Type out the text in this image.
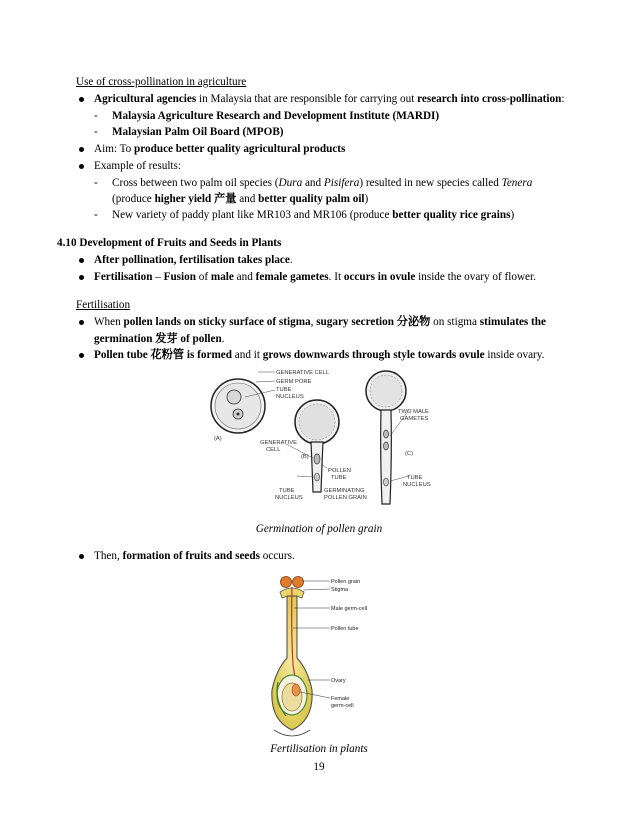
Use of cross-pollination in agriculture
Agricultural agencies in Malaysia that are responsible for carrying out research into cross-pollination:
- Malaysia Agriculture Research and Development Institute (MARDI)
- Malaysian Palm Oil Board (MPOB)
Aim: To produce better quality agricultural products
Example of results:
- Cross between two palm oil species (Dura and Pisifera) resulted in new species called Tenera
(produce higher yield 产量 and better quality palm oil)
- New variety of paddy plant like MR103 and MR106 (produce better quality rice grains)
4.10 Development of Fruits and Seeds in Plants
After pollination, fertilisation takes place.
Fertilisation – Fusion of male and female gametes. It occurs in ovule inside the ovary of flower.
Fertilisation
When pollen lands on sticky surface of stigma, sugary secretion 分泌物 on stigma stimulates the
germination 发芽 of pollen.
Pollen tube 花粉管 is formed and it grows downwards through style towards ovule inside ovary.
GENERATIVE CELL
GERM PORE
TUBE
NUCLEUS
(A)
GENERATIVE
CELL
(B)
POLLEN
TUBE
TUBE
NUCLEUS
GERMINATING
POLLEN GRAIN
TWO MALE
GAMETES
(C)
TUBE
NUCLEUS
Germination of pollen grain
Then, formation of fruits and seeds occurs.
Pollen grain
Stigma
Male germ-cell
Pollen tube
Ovary
Female
germ-cell
Fertilisation in plants
19
